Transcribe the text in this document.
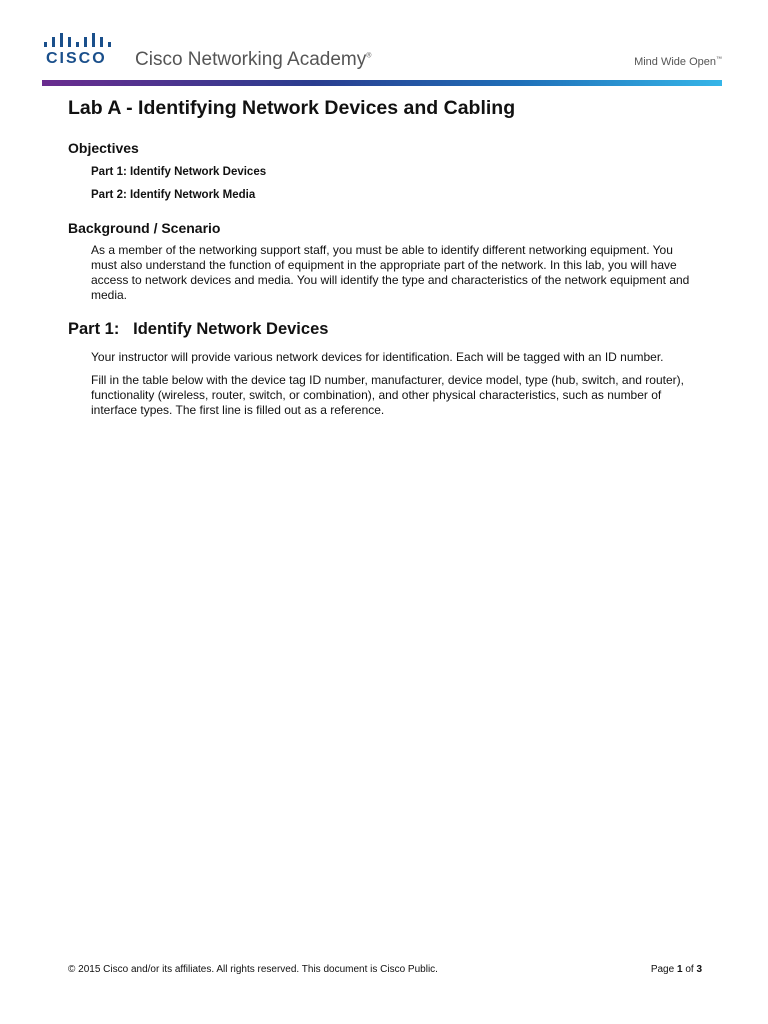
CISCO Cisco Networking Academy®	Mind Wide Open™
Lab A - Identifying Network Devices and Cabling
Objectives
Part 1: Identify Network Devices
Part 2: Identify Network Media
Background / Scenario

As a member of the networking support staff, you must be able to identify different networking equipment. You must also understand the function of equipment in the appropriate part of the network. In this lab, you will have access to network devices and media. You will identify the type and characteristics of the network equipment and media.

Part 1:   Identify Network Devices

Your instructor will provide various network devices for identification. Each will be tagged with an ID number.

Fill in the table below with the device tag ID number, manufacturer, device model, type (hub, switch, and router), functionality (wireless, router, switch, or combination), and other physical characteristics, such as number of interface types. The first line is filled out as a reference.

© 2015 Cisco and/or its affiliates. All rights reserved. This document is Cisco Public.	Page 1 of 3
